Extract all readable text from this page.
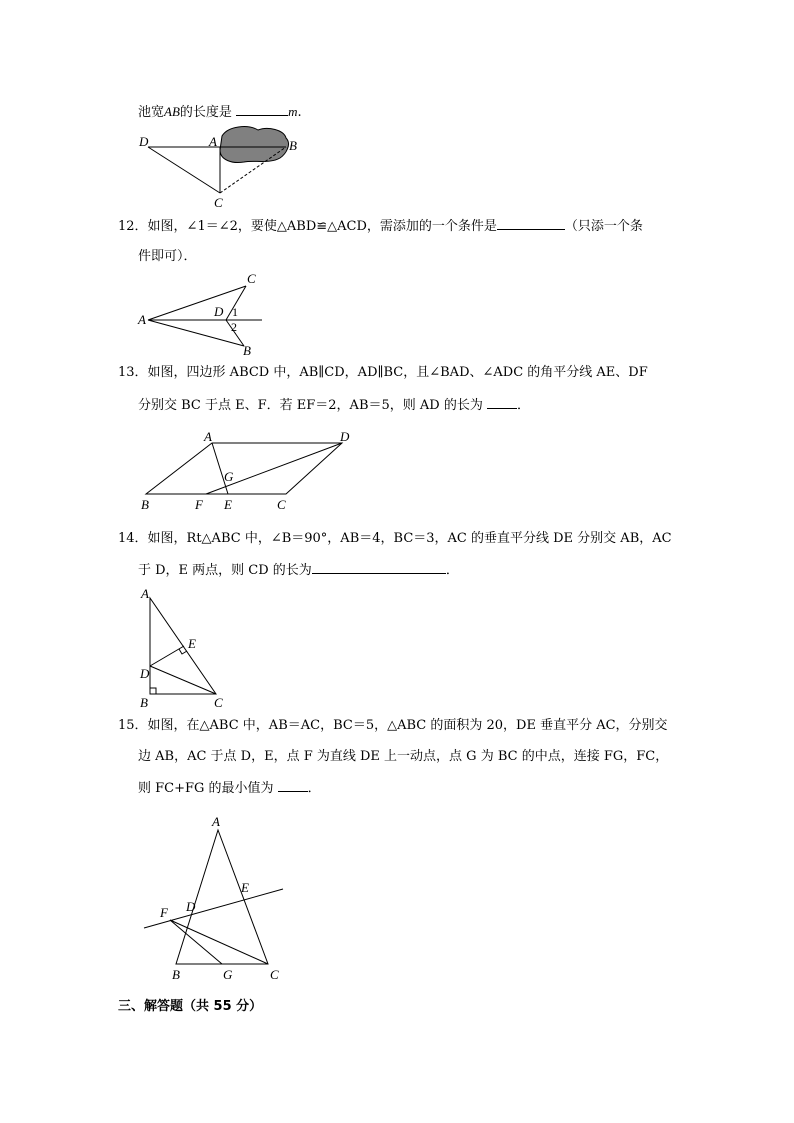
池宽AB的长度是	m.
D	A	B
C
12．如图，∠1＝∠2，要使△ABD≌△ACD，需添加的一个条件是	（只添一个条
件即可）．
A
C
D 1
2
B
13．如图，四边形 ABCD 中，AB∥CD，AD∥BC，且∠BAD、∠ADC 的角平分线 AE、DF
分别交 BC 于点 E、F．若 EF＝2，AB＝5，则 AD 的长为	．
A	D
G
B	F E	C
14．如图，Rt△ABC 中，∠B＝90°，AB＝4，BC＝3，AC 的垂直平分线 DE 分别交 AB，AC
于 D，E 两点，则 CD 的长为	．
A
E
D
B	C
15．如图，在△ABC 中，AB＝AC，BC＝5，△ABC 的面积为 20，DE 垂直平分 AC，分别交
边 AB，AC 于点 D，E，点 F 为直线 DE 上一动点，点 G 为 BC 的中点，连接 FG，FC，
则 FC+FG 的最小值为	．
A
E
F D
B	G	C
三、解答题（共 55 分）
